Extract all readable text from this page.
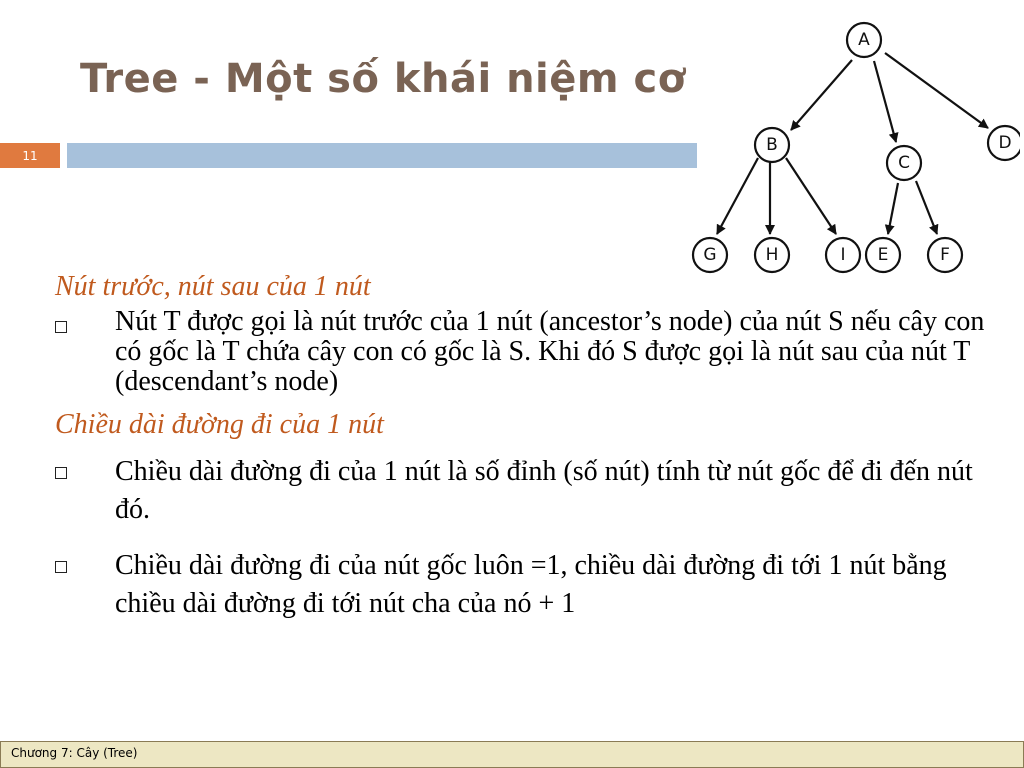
Tree - Một số khái niệm cơ
11
A
B
C
D
G	H	I E	F

Nút trước, nút sau của 1 nút

Nút T được gọi là nút trước của 1 nút (ancestor’s node) của nút S nếu cây con có gốc là T chứa cây con có gốc là S. Khi đó S được gọi là nút sau của nút T (descendant’s node)

Chiều dài đường đi của 1 nút

Chiều dài đường đi của 1 nút là số đỉnh (số nút) tính từ nút gốc để đi đến nút đó.
Chiều dài đường đi của nút gốc luôn =1, chiều dài đường đi tới 1 nút bằng chiều dài đường đi tới nút cha của nó + 1
Chương 7: Cây (Tree)
